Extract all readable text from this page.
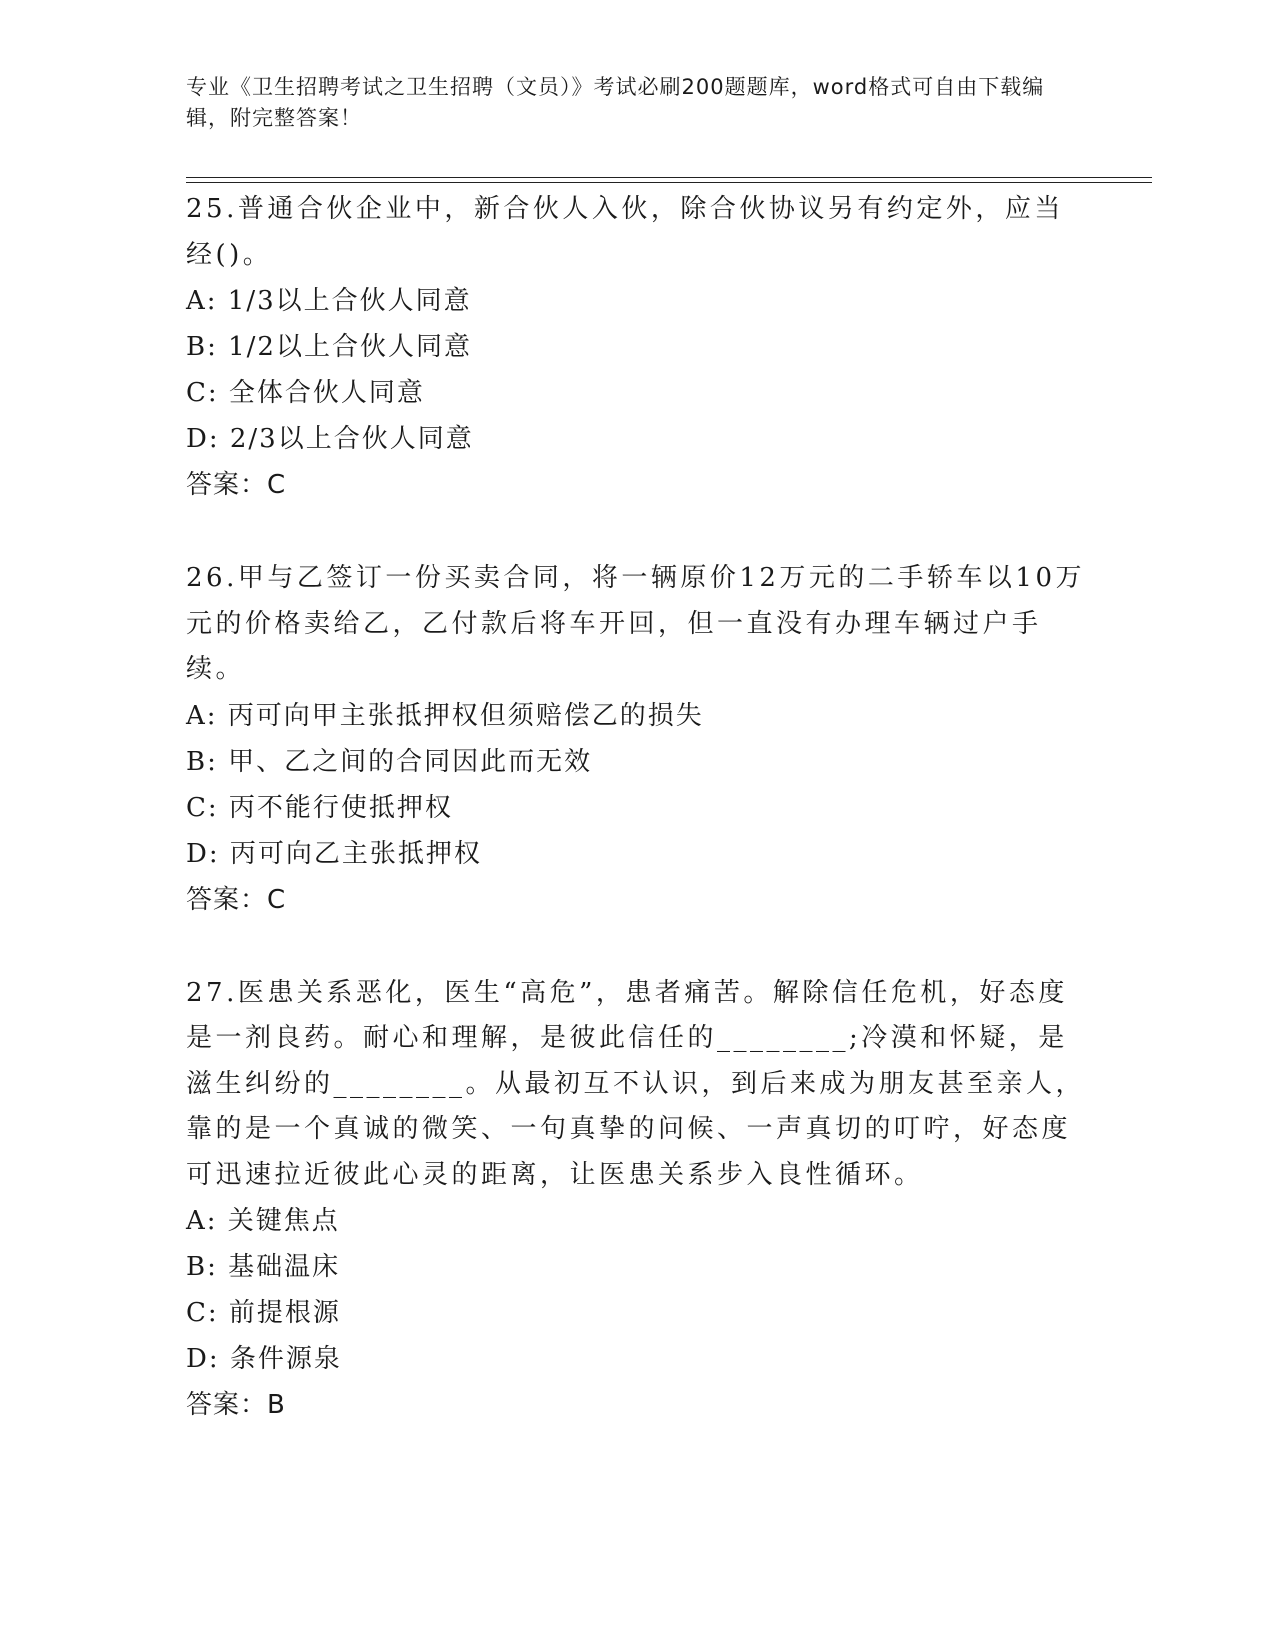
专业《卫生招聘考试之卫生招聘（文员）》考试必刷200题题库，word格式可自由下载编辑，附完整答案！

25.普通合伙企业中，新合伙人入伙，除合伙协议另有约定外，应当经()。

A: 1/3以上合伙人同意

B: 1/2以上合伙人同意

C: 全体合伙人同意

D: 2/3以上合伙人同意

答案：C

26.甲与乙签订一份买卖合同，将一辆原价12万元的二手轿车以10万元的价格卖给乙，乙付款后将车开回，但一直没有办理车辆过户手续。

A: 丙可向甲主张抵押权但须赔偿乙的损失

B: 甲、乙之间的合同因此而无效

C: 丙不能行使抵押权

D: 丙可向乙主张抵押权

答案：C

27.医患关系恶化，医生“高危”，患者痛苦。解除信任危机，好态度是一剂良药。耐心和理解，是彼此信任的________;冷漠和怀疑，是滋生纠纷的________。从最初互不认识，到后来成为朋友甚至亲人，靠的是一个真诚的微笑、一句真挚的问候、一声真切的叮咛，好态度可迅速拉近彼此心灵的距离，让医患关系步入良性循环。

A: 关键焦点

B: 基础温床

C: 前提根源

D: 条件源泉

答案：B
